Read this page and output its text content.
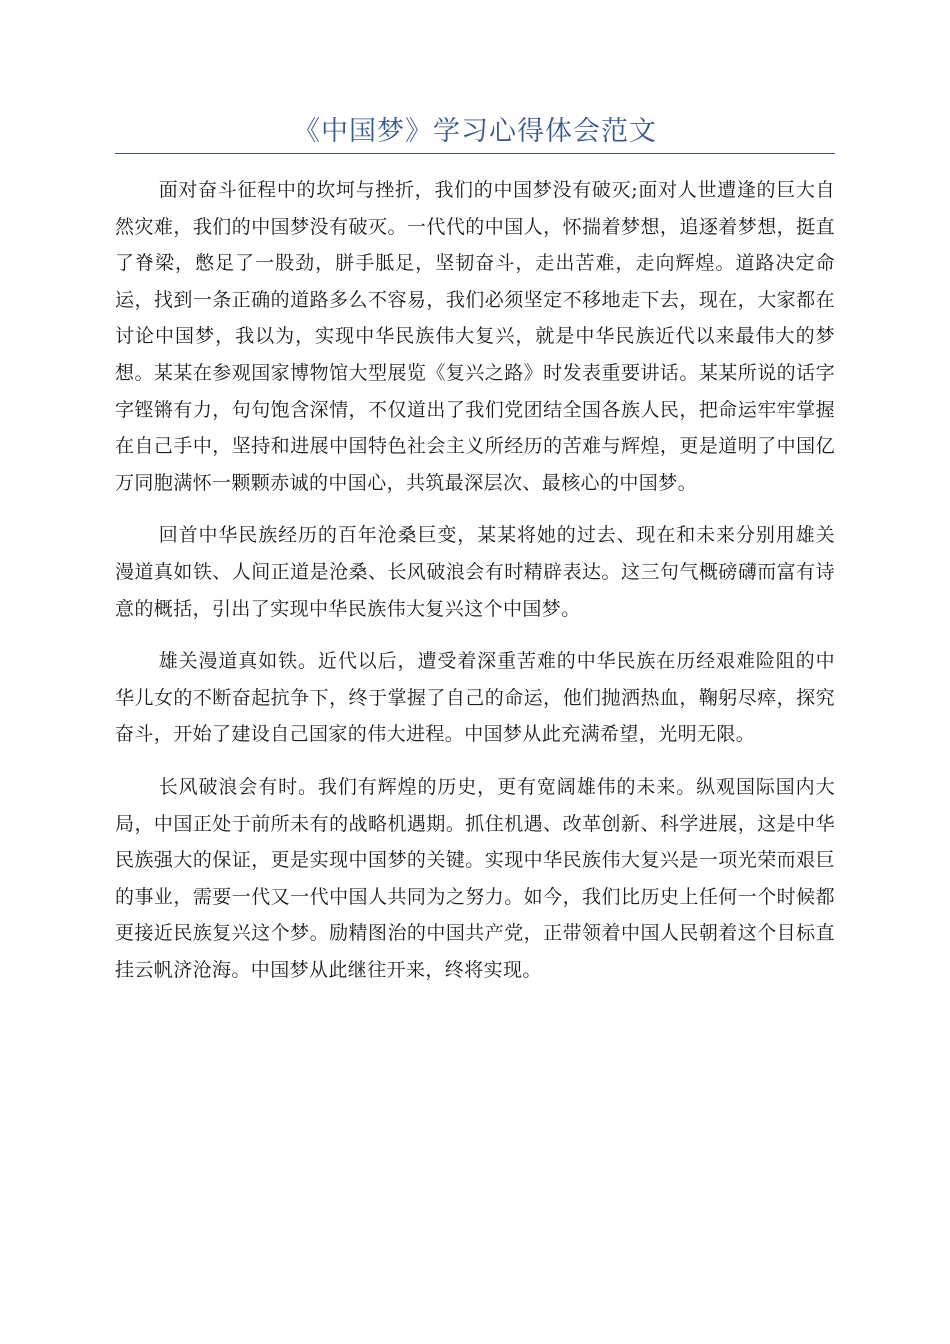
《中国梦》学习心得体会范文

面对奋斗征程中的坎坷与挫折，我们的中国梦没有破灭;面对人世遭逢的巨大自然灾难，我们的中国梦没有破灭。一代代的中国人，怀揣着梦想，追逐着梦想，挺直了脊梁，憋足了一股劲，胼手胝足，坚韧奋斗，走出苦难，走向辉煌。道路决定命运，找到一条正确的道路多么不容易，我们必须坚定不移地走下去，现在，大家都在讨论中国梦，我以为，实现中华民族伟大复兴，就是中华民族近代以来最伟大的梦想。某某在参观国家博物馆大型展览《复兴之路》时发表重要讲话。某某所说的话字字铿锵有力，句句饱含深情，不仅道出了我们党团结全国各族人民，把命运牢牢掌握在自己手中，坚持和进展中国特色社会主义所经历的苦难与辉煌，更是道明了中国亿万同胞满怀一颗颗赤诚的中国心，共筑最深层次、最核心的中国梦。

回首中华民族经历的百年沧桑巨变，某某将她的过去、现在和未来分别用雄关漫道真如铁、人间正道是沧桑、长风破浪会有时精辟表达。这三句气概磅礴而富有诗意的概括，引出了实现中华民族伟大复兴这个中国梦。

雄关漫道真如铁。近代以后，遭受着深重苦难的中华民族在历经艰难险阻的中华儿女的不断奋起抗争下，终于掌握了自己的命运，他们抛洒热血，鞠躬尽瘁，探究奋斗，开始了建设自己国家的伟大进程。中国梦从此充满希望，光明无限。

长风破浪会有时。我们有辉煌的历史，更有宽阔雄伟的未来。纵观国际国内大局，中国正处于前所未有的战略机遇期。抓住机遇、改革创新、科学进展，这是中华民族强大的保证，更是实现中国梦的关键。实现中华民族伟大复兴是一项光荣而艰巨的事业，需要一代又一代中国人共同为之努力。如今，我们比历史上任何一个时候都更接近民族复兴这个梦。励精图治的中国共产党，正带领着中国人民朝着这个目标直挂云帆济沧海。中国梦从此继往开来，终将实现。
